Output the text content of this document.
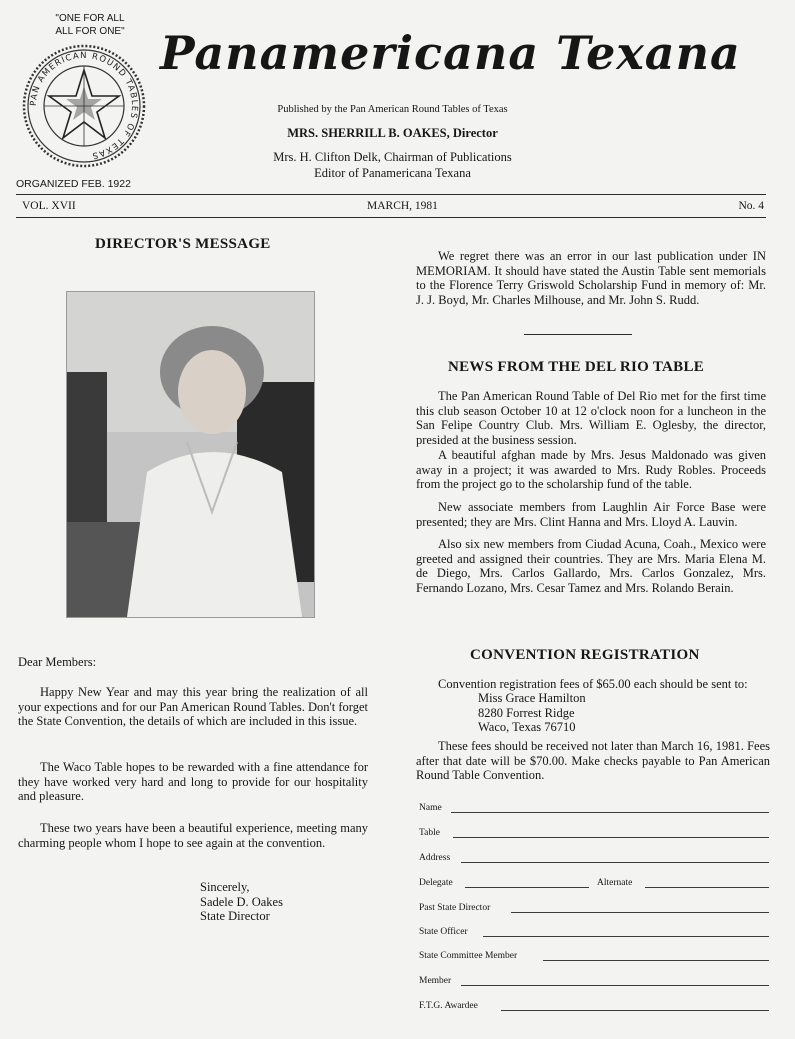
"ONE FOR ALL
ALL FOR ONE"
PAN AMERICAN ROUND TABLES OF TEXAS
ORGANIZED FEB. 1922
Panamericana Texana
Published by the Pan American Round Tables of Texas
MRS. SHERRILL B. OAKES, Director
Mrs. H. Clifton Delk, Chairman of Publications
Editor of Panamericana Texana
VOL. XVII	MARCH, 1981	No. 4
DIRECTOR'S MESSAGE

Dear Members:

Happy New Year and may this year bring the realization of all your expections and for our Pan American Round Tables. Don't forget the State Convention, the details of which are included in this issue.

The Waco Table hopes to be rewarded with a fine attendance for they have worked very hard and long to provide for our hospitality and pleasure.

These two years have been a beautiful experience, meeting many charming people whom I hope to see again at the convention.

Sincerely,
Sadele D. Oakes
State Director

We regret there was an error in our last publication under IN MEMORIAM. It should have stated the Austin Table sent memorials to the Florence Terry Griswold Scholarship Fund in memory of: Mr. J. J. Boyd, Mr. Charles Milhouse, and Mr. John S. Rudd.

NEWS FROM THE DEL RIO TABLE

The Pan American Round Table of Del Rio met for the first time this club season October 10 at 12 o'clock noon for a luncheon in the San Felipe Country Club. Mrs. William E. Oglesby, the director, presided at the business session.

A beautiful afghan made by Mrs. Jesus Maldonado was given away in a project; it was awarded to Mrs. Rudy Robles. Proceeds from the project go to the scholarship fund of the table.

New associate members from Laughlin Air Force Base were presented; they are Mrs. Clint Hanna and Mrs. Lloyd A. Lauvin.

Also six new members from Ciudad Acuna, Coah., Mexico were greeted and assigned their countries. They are Mrs. Maria Elena M. de Diego, Mrs. Carlos Gallardo, Mrs. Carlos Gonzalez, Mrs. Fernando Lozano, Mrs. Cesar Tamez and Mrs. Rolando Berain.

CONVENTION REGISTRATION

Convention registration fees of $65.00 each should be sent to:

Miss Grace Hamilton
8280 Forrest Ridge
Waco, Texas 76710

These fees should be received not later than March 16, 1981. Fees after that date will be $70.00. Make checks payable to Pan American Round Table Convention.

Name
Table
Address
Delegate	Alternate
Past State Director
State Officer
State Committee Member
Member
F.T.G. Awardee
